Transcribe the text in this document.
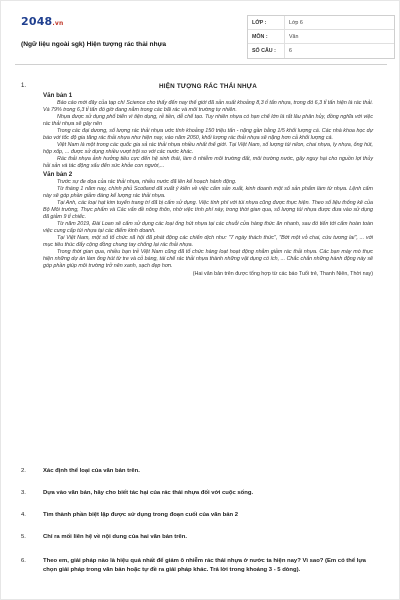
2048.vn
(Ngữ liệu ngoài sgk) Hiện tượng rác thải nhựa
LỚP :	Lớp 6
MÔN :	Văn
SỐ CÂU :	6
1.	HIỆN TƯỢNG RÁC THẢI NHỰA
Văn bản 1

Báo cáo mới đây của tạp chí Science cho thấy đến nay thế giới đã sản xuất khoảng 8,3 tỉ tấn nhựa, trong đó 6,3 tỉ tấn hiện là rác thải. Và 79% trong 6,3 tỉ tấn đó giờ đang nằm trong các bãi rác và môi trường tự nhiên.

Nhựa được sử dụng phổ biến vì tiện dụng, rẻ tiền, dễ chế tạo. Tuy nhiên nhựa có hạn chế lớn là rất lâu phân hủy, đồng nghĩa với việc rác thải nhựa sẽ gây nên

Trong các đại dương, số lượng rác thải nhựa ước tính khoảng 150 triệu tấn - nặng gần bằng 1/5 khối lượng cá. Các nhà khoa học dự báo với tốc độ gia tăng rác thải nhựa như hiện nay, vào năm 2050, khối lượng rác thải nhựa sẽ nặng hơn cả khối lượng cá.

Việt Nam là một trong các quốc gia xả rác thải nhựa nhiều nhất thế giới. Tại Việt Nam, số lượng túi nilon, chai nhựa, ly nhựa, ống hút, hộp xốp, ... được sử dụng nhiều vượt trội so với các nước khác.

Rác thải nhựa ảnh hưởng tiêu cực đến hệ sinh thái, làm ô nhiễm môi trường đất, môi trường nước, gây nguy hại cho nguồn lợi thủy hải sản và tác động xấu đến sức khỏe con người,...

Văn bản 2

Trước sự đe dọa của rác thải nhựa, nhiều nước đã lên kế hoạch hành động.

Từ tháng 1 năm nay, chính phủ Scotland đã xuất ý kiến về việc cấm sản xuất, kinh doanh một số sản phẩm làm từ nhựa. Lệnh cấm này sẽ góp phần giảm đáng kể lượng rác thải nhựa.

Tại Anh, các loại hạt kim tuyến trang trí đã bị cấm sử dụng. Việc tính phí với túi nhựa cũng được thực hiện. Theo số liệu thống kê của Bộ Môi trường, Thực phẩm và Các vấn đề nông thôn, nhờ việc tính phí này, trong thời gian qua, số lượng túi nhựa được đưa vào sử dụng đã giảm 9 tỉ chiếc.

Từ năm 2019, Đài Loan sẽ cấm sử dụng các loại ống hút nhựa tại các chuỗi cửa hàng thức ăn nhanh, sau đó tiến tới cấm hoàn toàn việc cung cấp túi nhựa tại các điểm kinh doanh.

Tại Việt Nam, một số tổ chức xã hội đã phát động các chiến dịch như: "7 ngày thách thức", "Bớt một vỏ chai, cứu tương lai", ... với mục tiêu thúc đẩy cộng đồng chung tay chống lại rác thải nhựa.

Trong thời gian qua, nhiều bạn trẻ Việt Nam cũng đã tổ chức hàng loạt hoạt động nhằm giảm rác thải nhựa. Các bạn mày mò thực hiện những dự án làm ống hút từ tre và cỏ bàng, tái chế rác thải nhựa thành những vật dụng có ích, ... Chắc chắn những hành động này sẽ góp phần giúp môi trường trở nên xanh, sạch đẹp hơn.

(Hai văn bản trên được tổng hợp từ các báo Tuổi trẻ, Thanh Niên, Thời nay)
2.	Xác định thể loại của văn bản trên.
3.	Dựa vào văn bản, hãy cho biết tác hại của rác thải nhựa đối với cuộc sống.
4.	Tìm thành phần biệt lập được sử dụng trong đoạn cuối của văn bản 2
5.	Chỉ ra mối liên hệ về nội dung của hai văn bản trên.
6.	Theo em, giải pháp nào là hiệu quả nhất để giảm ô nhiễm rác thải nhựa ở nước ta hiện nay? Vì sao? (Em có thể lựa chọn giải pháp trong văn bản hoặc tự đề ra giải pháp khác. Trả lời trong khoảng 3 - 5 dòng).
